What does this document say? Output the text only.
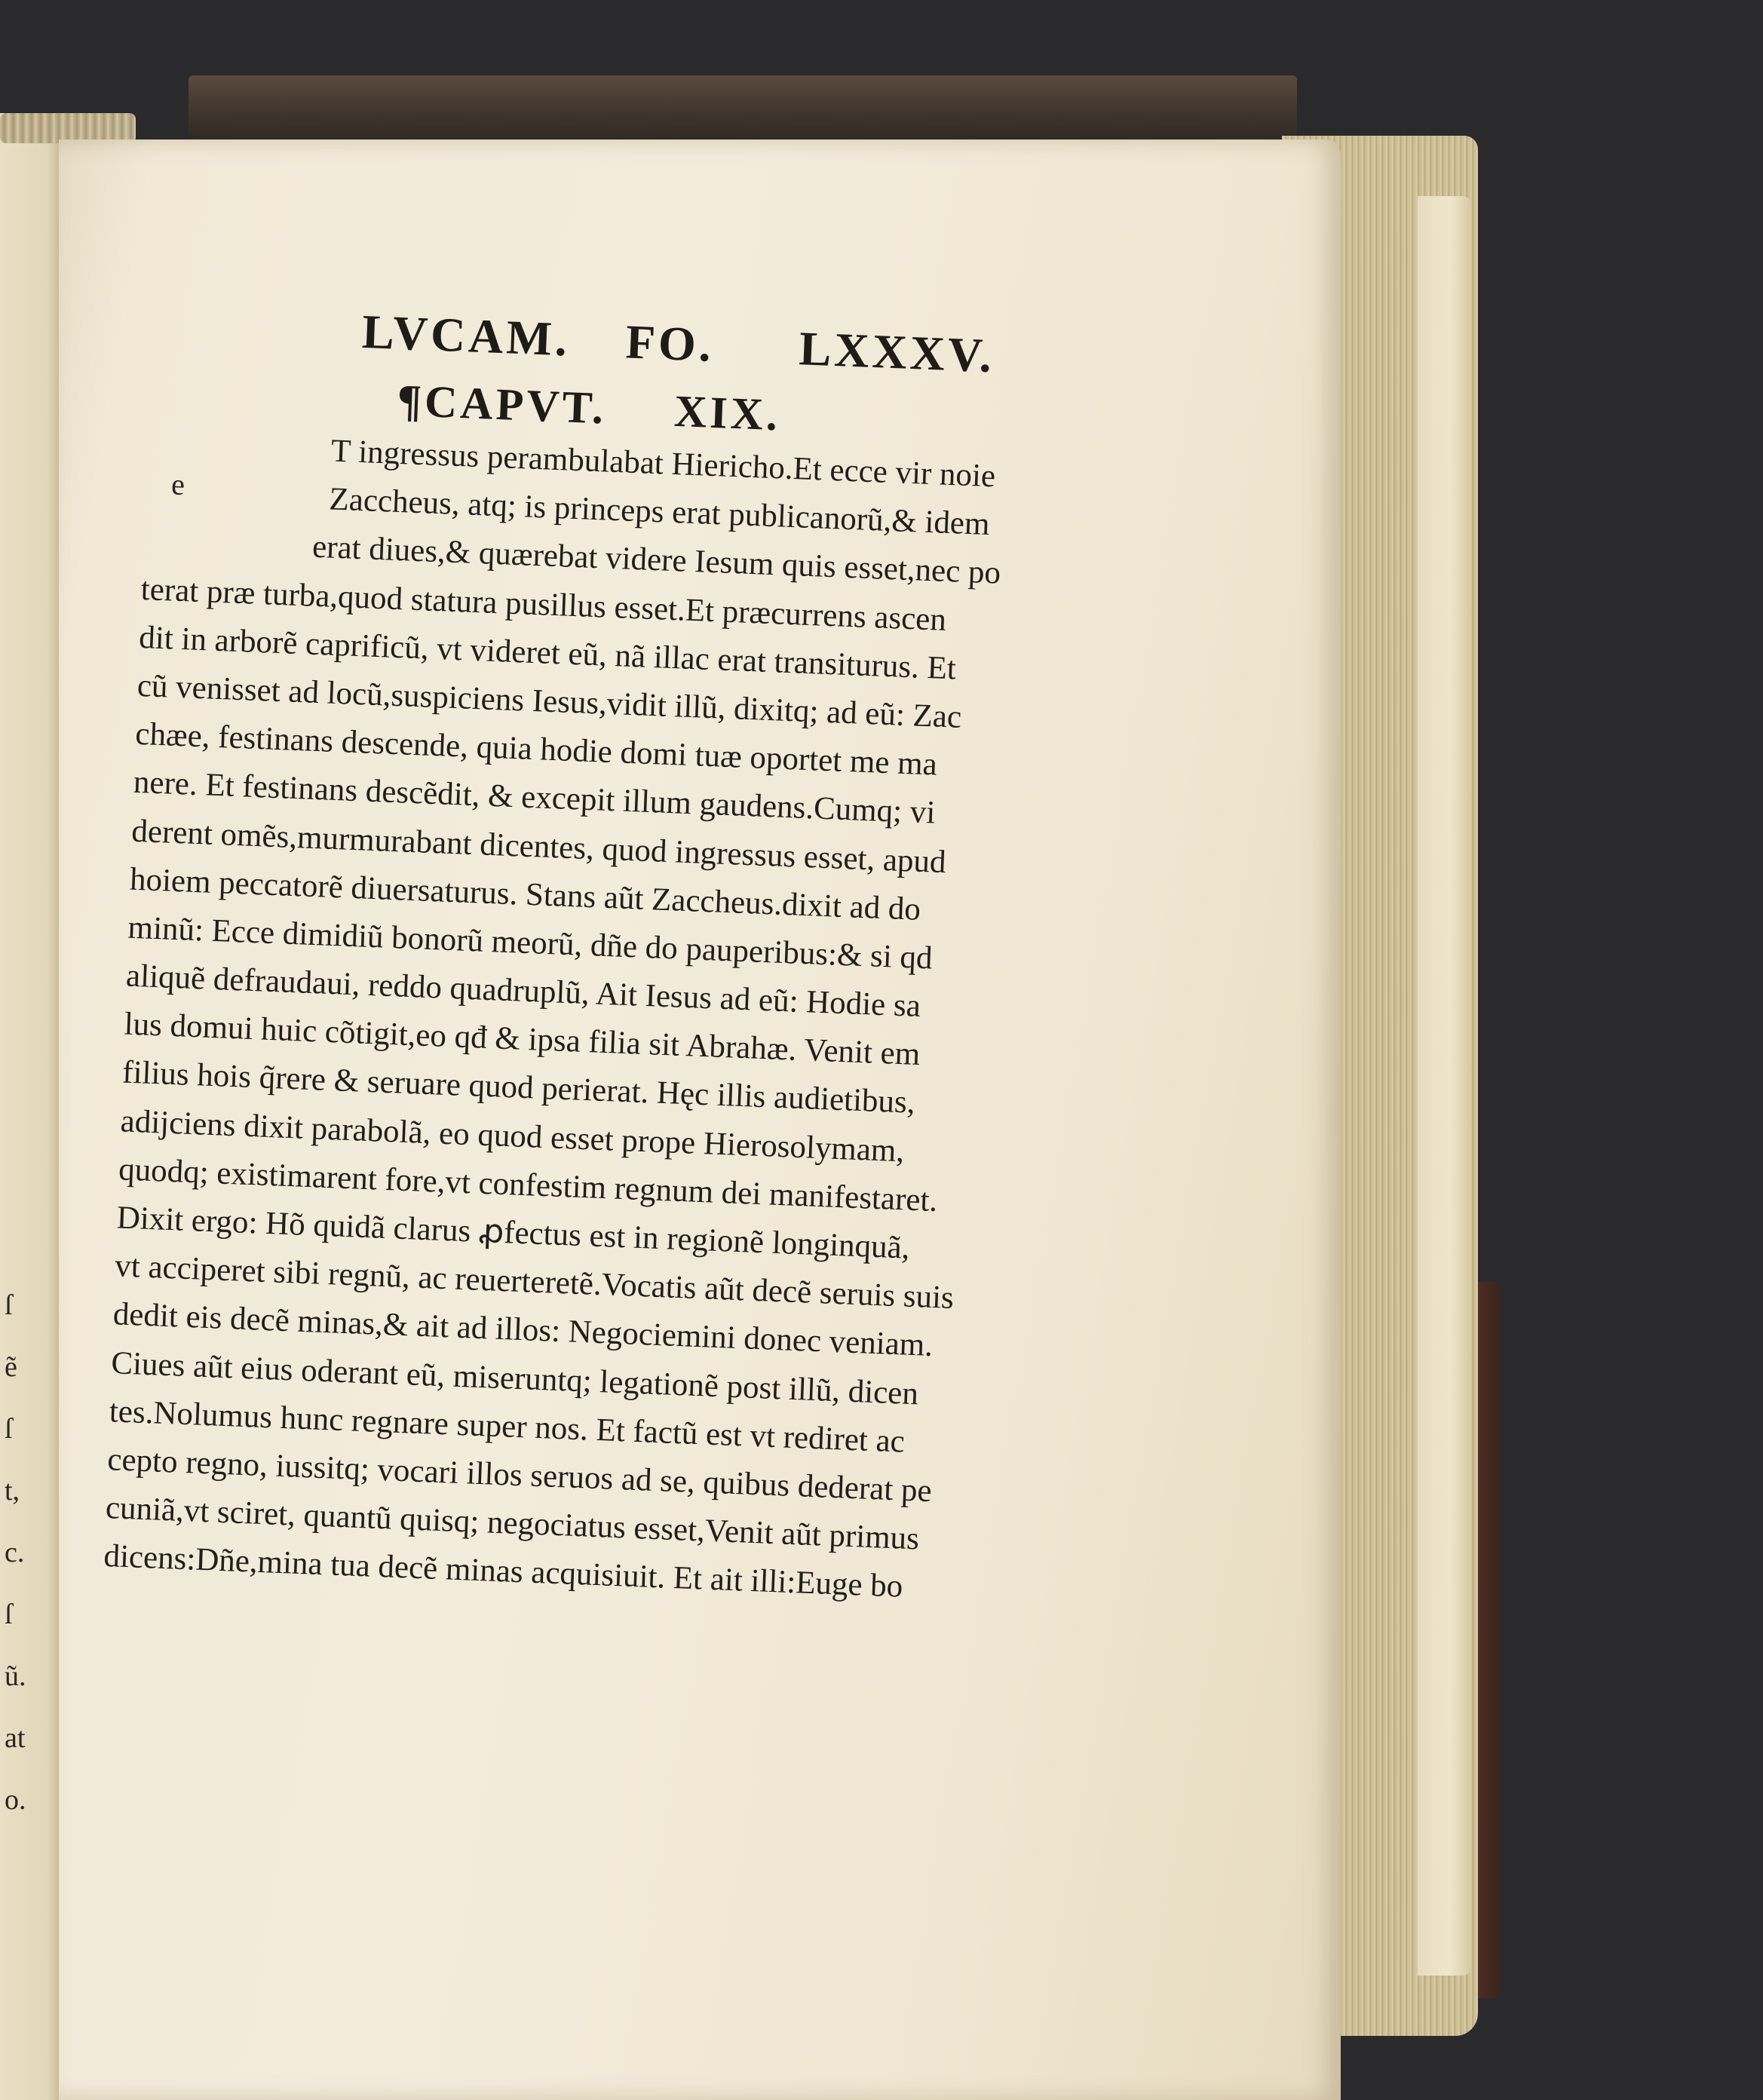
ſ
ẽ
ſ
t,
c.
ſ
ũ.
at
o.
LVCAM. FO. LXXXV.
¶CAPVT. XIX.
e	T ingressus perambulabat Hiericho.Et ecce vir noie
Zaccheus, atq; is princeps erat publicanorũ,& idem
erat diues,& quærebat videre Iesum quis esset,nec po
terat præ turba,quod statura pusillus esset.Et præcurrens ascen
dit in arborẽ caprificũ, vt videret eũ, nã illac erat transiturus. Et
cũ venisset ad locũ,suspiciens Iesus,vidit illũ, dixitq; ad eũ: Zac
chæe, festinans descende, quia hodie domi tuæ oportet me ma
nere. Et festinans descẽdit, & excepit illum gaudens.Cumq; vi
derent omẽs,murmurabant dicentes, quod ingressus esset, apud
hoiem peccatorẽ diuersaturus. Stans aũt Zaccheus.dixit ad do
minũ: Ecce dimidiũ bonorũ meorũ, dñe do pauperibus:& si qd
aliquẽ defraudaui, reddo quadruplũ, Ait Iesus ad eũ: Hodie sa
lus domui huic cõtigit,eo qđ & ipsa filia sit Abrahæ. Venit em
filius hois q̃rere & seruare quod perierat. Hęc illis audietibus,
adijciens dixit parabolã, eo quod esset prope Hierosolymam,
quodq; existimarent fore,vt confestim regnum dei manifestaret.
Dixit ergo: Hõ quidã clarus ꝓfectus est in regionẽ longinquã,
vt acciperet sibi regnũ, ac reuerteretẽ.Vocatis aũt decẽ seruis suis
dedit eis decẽ minas,& ait ad illos: Negociemini donec veniam.
Ciues aũt eius oderant eũ, miseruntq; legationẽ post illũ, dicen
tes.Nolumus hunc regnare super nos. Et factũ est vt rediret ac
cepto regno, iussitq; vocari illos seruos ad se, quibus dederat pe
cuniã,vt sciret, quantũ quisq; negociatus esset,Venit aũt primus
dicens:Dñe,mina tua decẽ minas acquisiuit. Et ait illi:Euge bo
